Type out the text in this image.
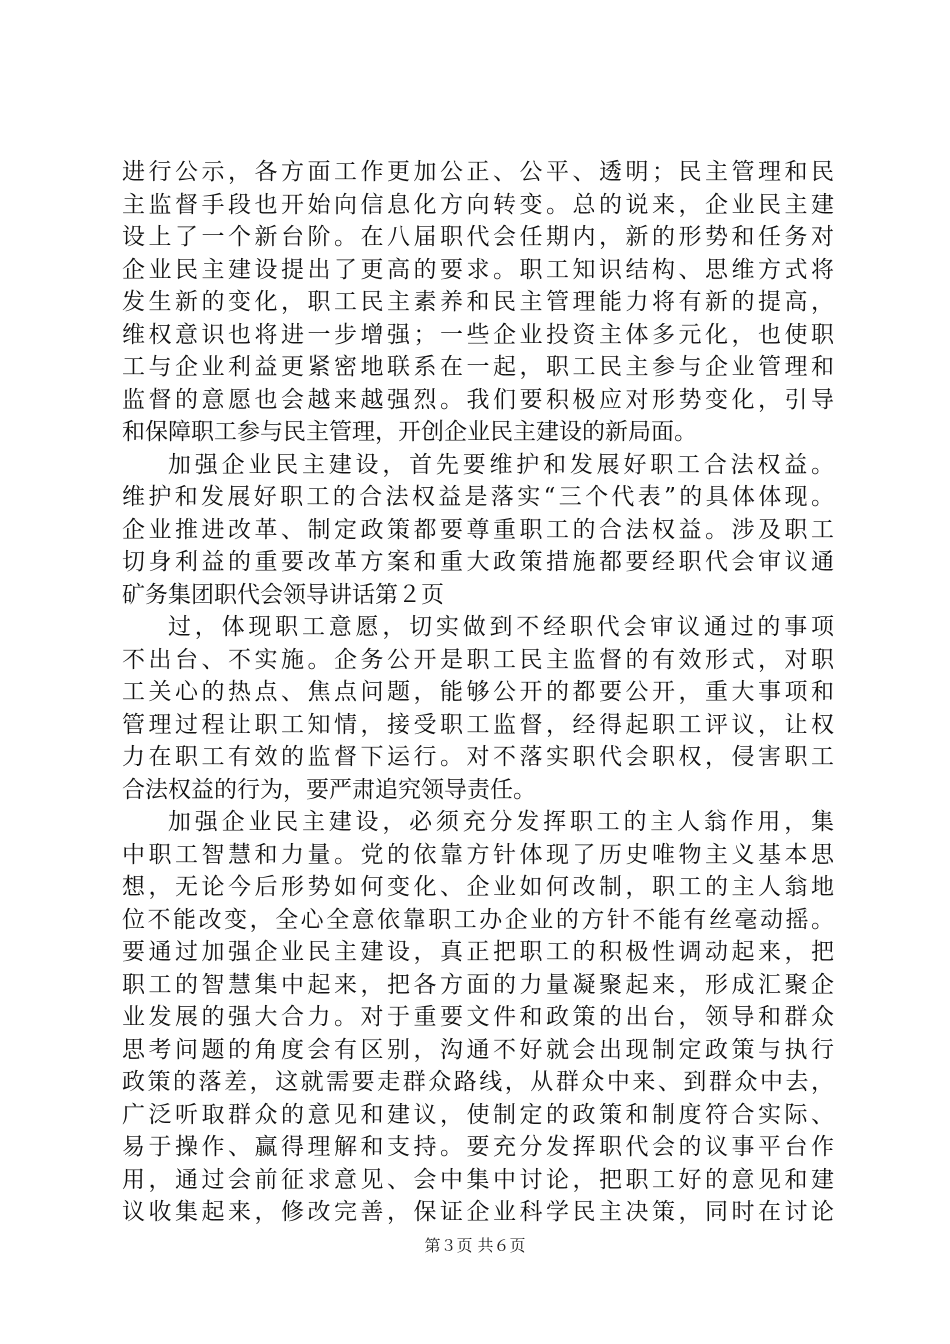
进行公示，各方面工作更加公正、公平、透明；民主管理和民
主监督手段也开始向信息化方向转变。总的说来，企业民主建
设上了一个新台阶。在八届职代会任期内，新的形势和任务对
企业民主建设提出了更高的要求。职工知识结构、思维方式将
发生新的变化，职工民主素养和民主管理能力将有新的提高，
维权意识也将进一步增强；一些企业投资主体多元化，也使职
工与企业利益更紧密地联系在一起，职工民主参与企业管理和
监督的意愿也会越来越强烈。我们要积极应对形势变化，引导
和保障职工参与民主管理，开创企业民主建设的新局面。
加强企业民主建设，首先要维护和发展好职工合法权益。
维护和发展好职工的合法权益是落实“三个代表”的具体体现。
企业推进改革、制定政策都要尊重职工的合法权益。涉及职工
切身利益的重要改革方案和重大政策措施都要经职代会审议通
矿务集团职代会领导讲话第２页
过，体现职工意愿，切实做到不经职代会审议通过的事项
不出台、不实施。企务公开是职工民主监督的有效形式，对职
工关心的热点、焦点问题，能够公开的都要公开，重大事项和
管理过程让职工知情，接受职工监督，经得起职工评议，让权
力在职工有效的监督下运行。对不落实职代会职权，侵害职工
合法权益的行为，要严肃追究领导责任。
加强企业民主建设，必须充分发挥职工的主人翁作用，集
中职工智慧和力量。党的依靠方针体现了历史唯物主义基本思
想，无论今后形势如何变化、企业如何改制，职工的主人翁地
位不能改变，全心全意依靠职工办企业的方针不能有丝毫动摇。
要通过加强企业民主建设，真正把职工的积极性调动起来，把
职工的智慧集中起来，把各方面的力量凝聚起来，形成汇聚企
业发展的强大合力。对于重要文件和政策的出台，领导和群众
思考问题的角度会有区别，沟通不好就会出现制定政策与执行
政策的落差，这就需要走群众路线，从群众中来、到群众中去，
广泛听取群众的意见和建议，使制定的政策和制度符合实际、
易于操作、赢得理解和支持。要充分发挥职代会的议事平台作
用，通过会前征求意见、会中集中讨论，把职工好的意见和建
议收集起来，修改完善，保证企业科学民主决策，同时在讨论
第３页 共６页
